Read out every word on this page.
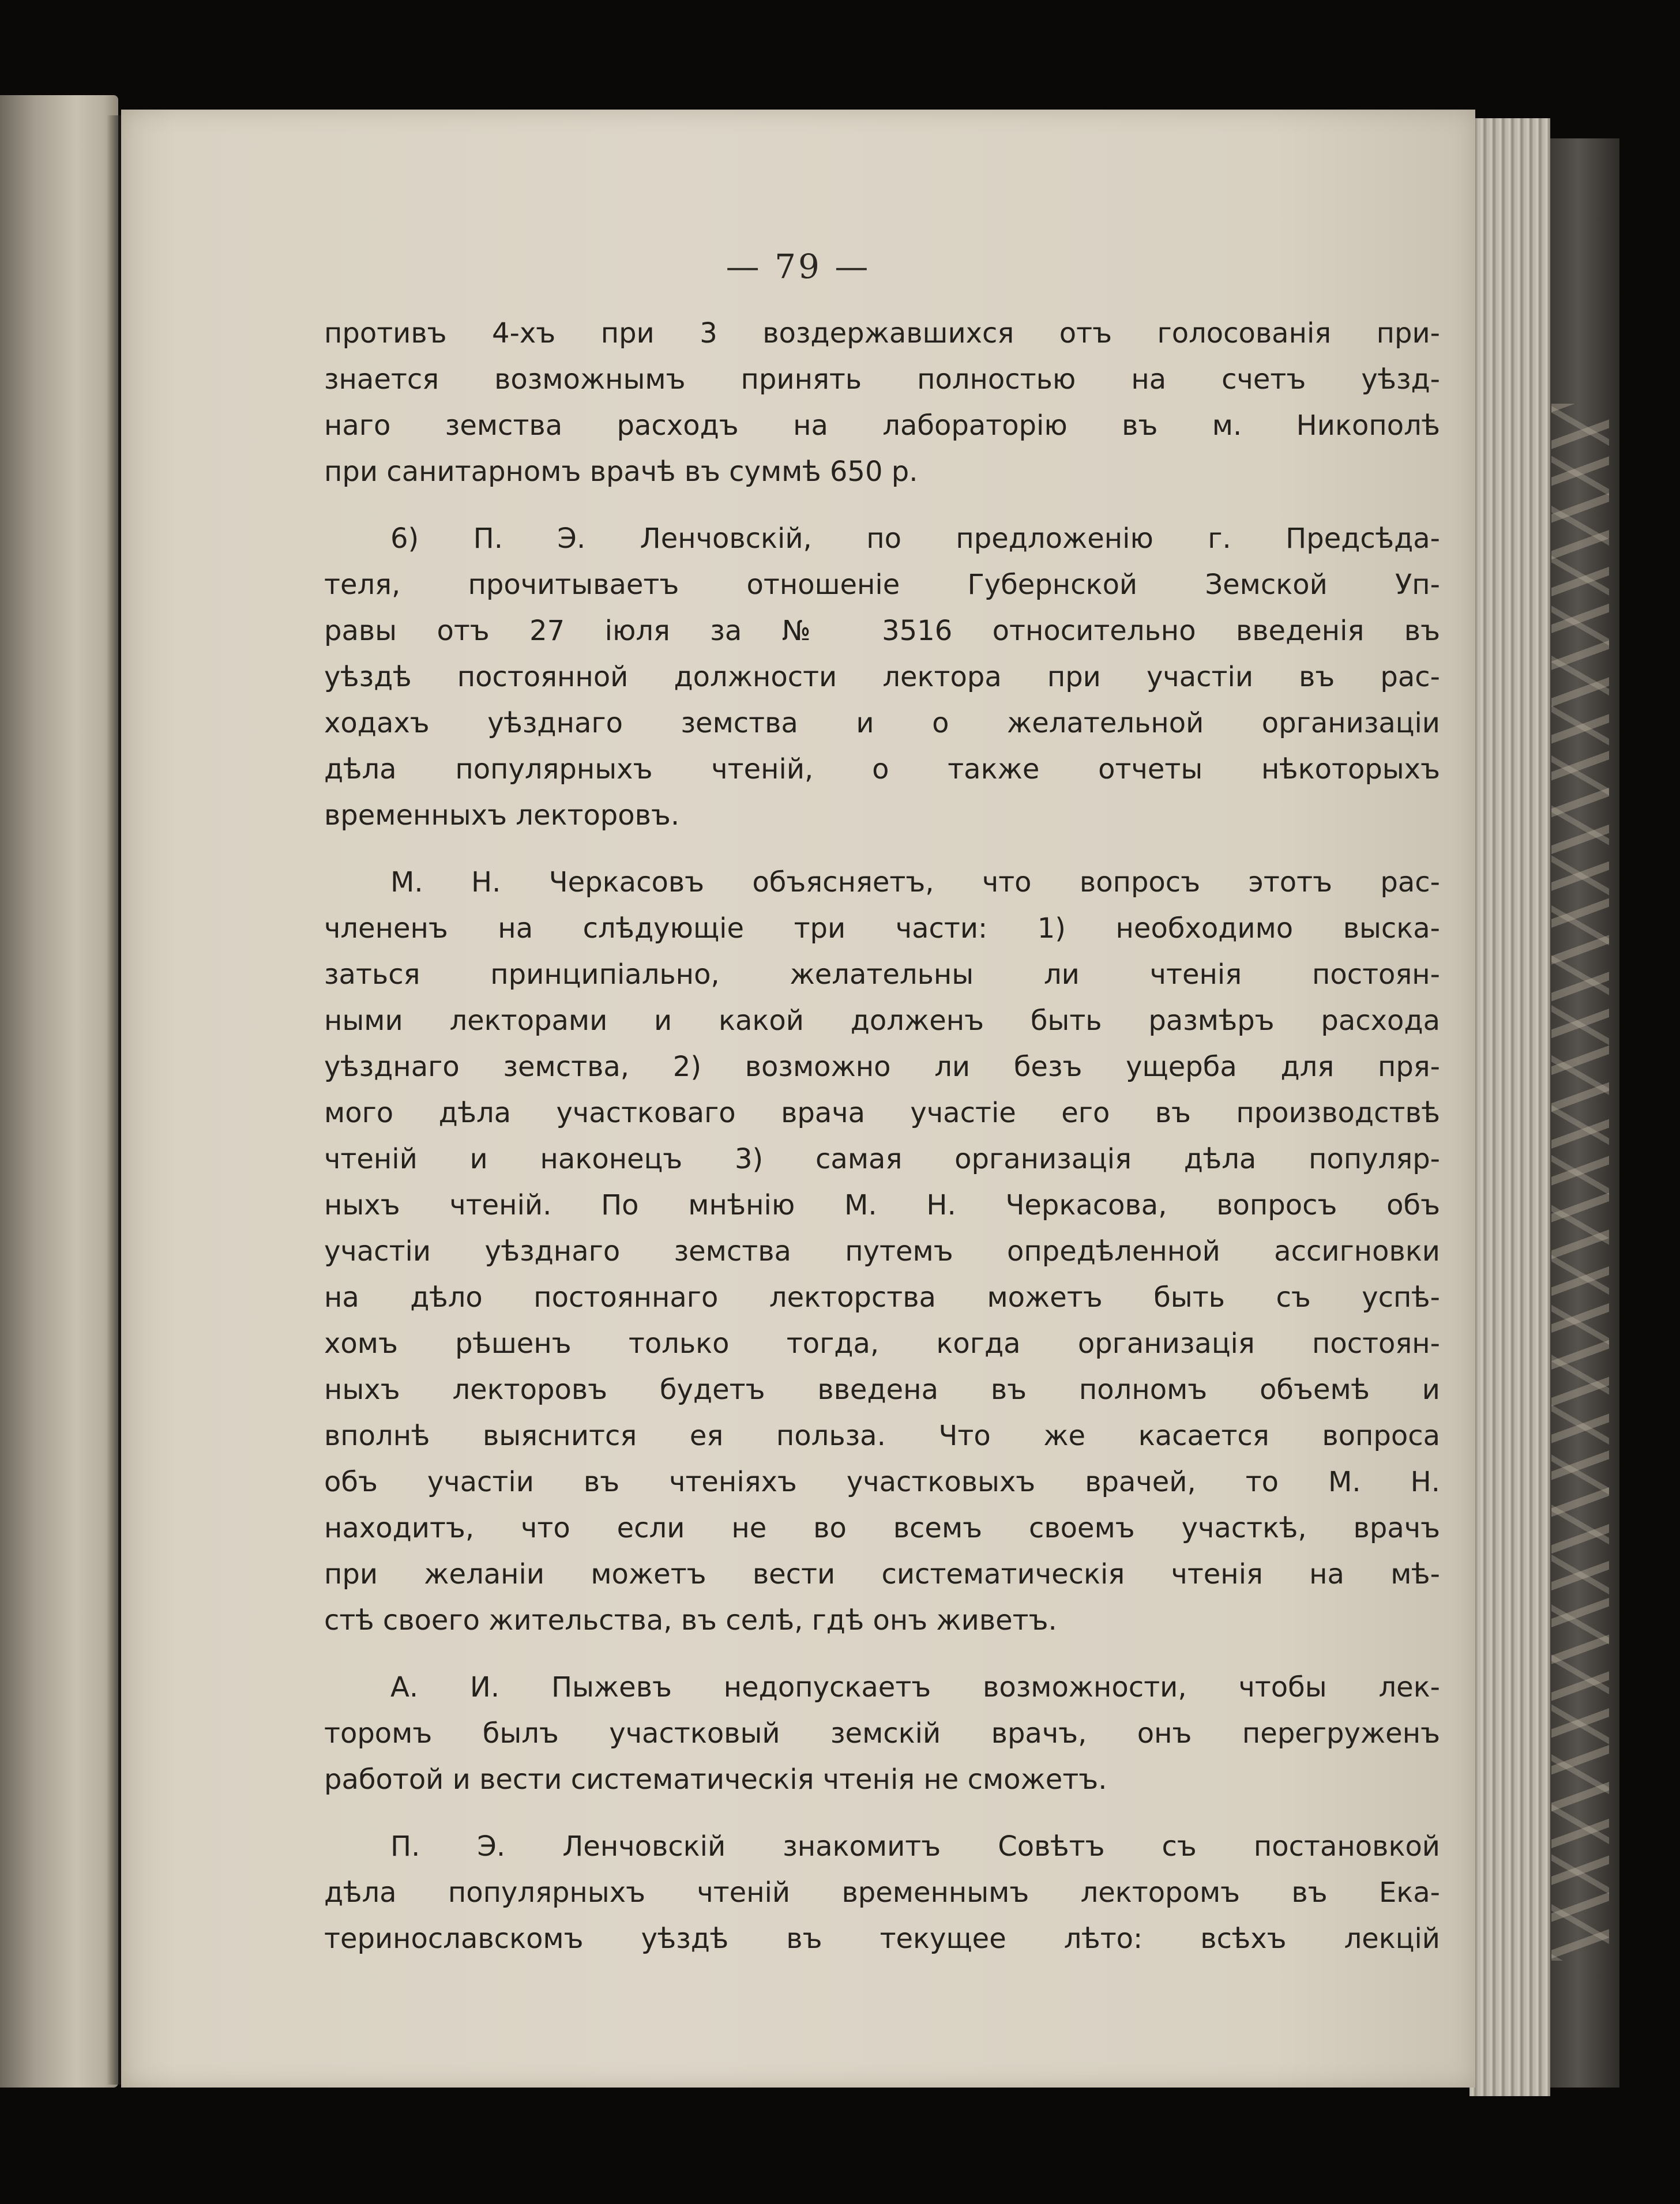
— 79 —
противъ 4-хъ при 3 воздержавшихся отъ голосованія при-
знается возможнымъ принять полностью на счетъ уѣзд-
наго земства расходъ на лабораторію въ м. Никополѣ
при санитарномъ врачѣ въ суммѣ 650 р.
6) П. Э. Ленчовскій, по предложенію г. Предсѣда-
теля, прочитываетъ отношеніе Губернской Земской Уп-
равы отъ 27 іюля за № 3516 относительно введенія въ
уѣздѣ постоянной должности лектора при участіи въ рас-
ходахъ уѣзднаго земства и о желательной организаціи
дѣла популярныхъ чтеній, о также отчеты нѣкоторыхъ
временныхъ лекторовъ.
М. Н. Черкасовъ объясняетъ, что вопросъ этотъ рас-
члененъ на слѣдующіе три части: 1) необходимо выска-
заться принципіально, желательны ли чтенія постоян-
ными лекторами и какой долженъ быть размѣръ расхода
уѣзднаго земства, 2) возможно ли безъ ущерба для пря-
мого дѣла участковаго врача участіе его въ производствѣ
чтеній и наконецъ 3) самая организація дѣла популяр-
ныхъ чтеній. По мнѣнію М. Н. Черкасова, вопросъ объ
участіи уѣзднаго земства путемъ опредѣленной ассигновки
на дѣло постояннаго лекторства можетъ быть съ успѣ-
хомъ рѣшенъ только тогда, когда организація постоян-
ныхъ лекторовъ будетъ введена въ полномъ объемѣ и
вполнѣ выяснится ея польза. Что же касается вопроса
объ участіи въ чтеніяхъ участковыхъ врачей, то М. Н.
находитъ, что если не во всемъ своемъ участкѣ, врачъ
при желаніи можетъ вести систематическія чтенія на мѣ-
стѣ своего жительства, въ селѣ, гдѣ онъ живетъ.
А. И. Пыжевъ недопускаетъ возможности, чтобы лек-
торомъ былъ участковый земскій врачъ, онъ перегруженъ
работой и вести систематическія чтенія не сможетъ.
П. Э. Ленчовскій знакомитъ Совѣтъ съ постановкой
дѣла популярныхъ чтеній временнымъ лекторомъ въ Ека-
теринославскомъ уѣздѣ въ текущее лѣто: всѣхъ лекцій
